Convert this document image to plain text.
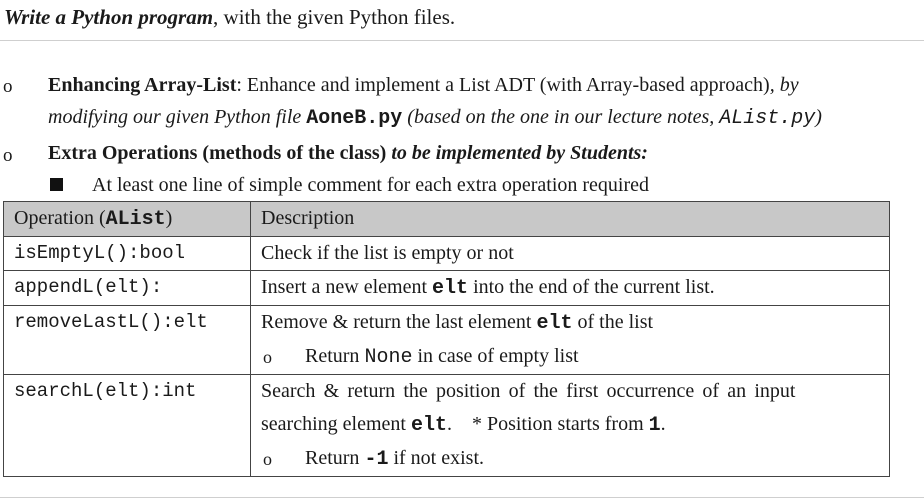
Write a Python program, with the given Python files.
o Enhancing Array-List: Enhance and implement a List ADT (with Array-based approach), by
modifying our given Python file AoneB.py (based on the one in our lecture notes, AList.py)
o Extra Operations (methods of the class) to be implemented by Students:
At least one line of simple comment for each extra operation required
Operation (AList)	Description
isEmptyL():bool	Check if the list is empty or not
appendL(elt):	Insert a new element elt into the end of the current list.
removeLastL():elt	Remove & return the last element elt of the list
o Return None in case of empty list

searchL(elt):int	Search & return the position of the first occurrence of an input
searching element elt.    * Position starts from 1.
o Return -1 if not exist.
